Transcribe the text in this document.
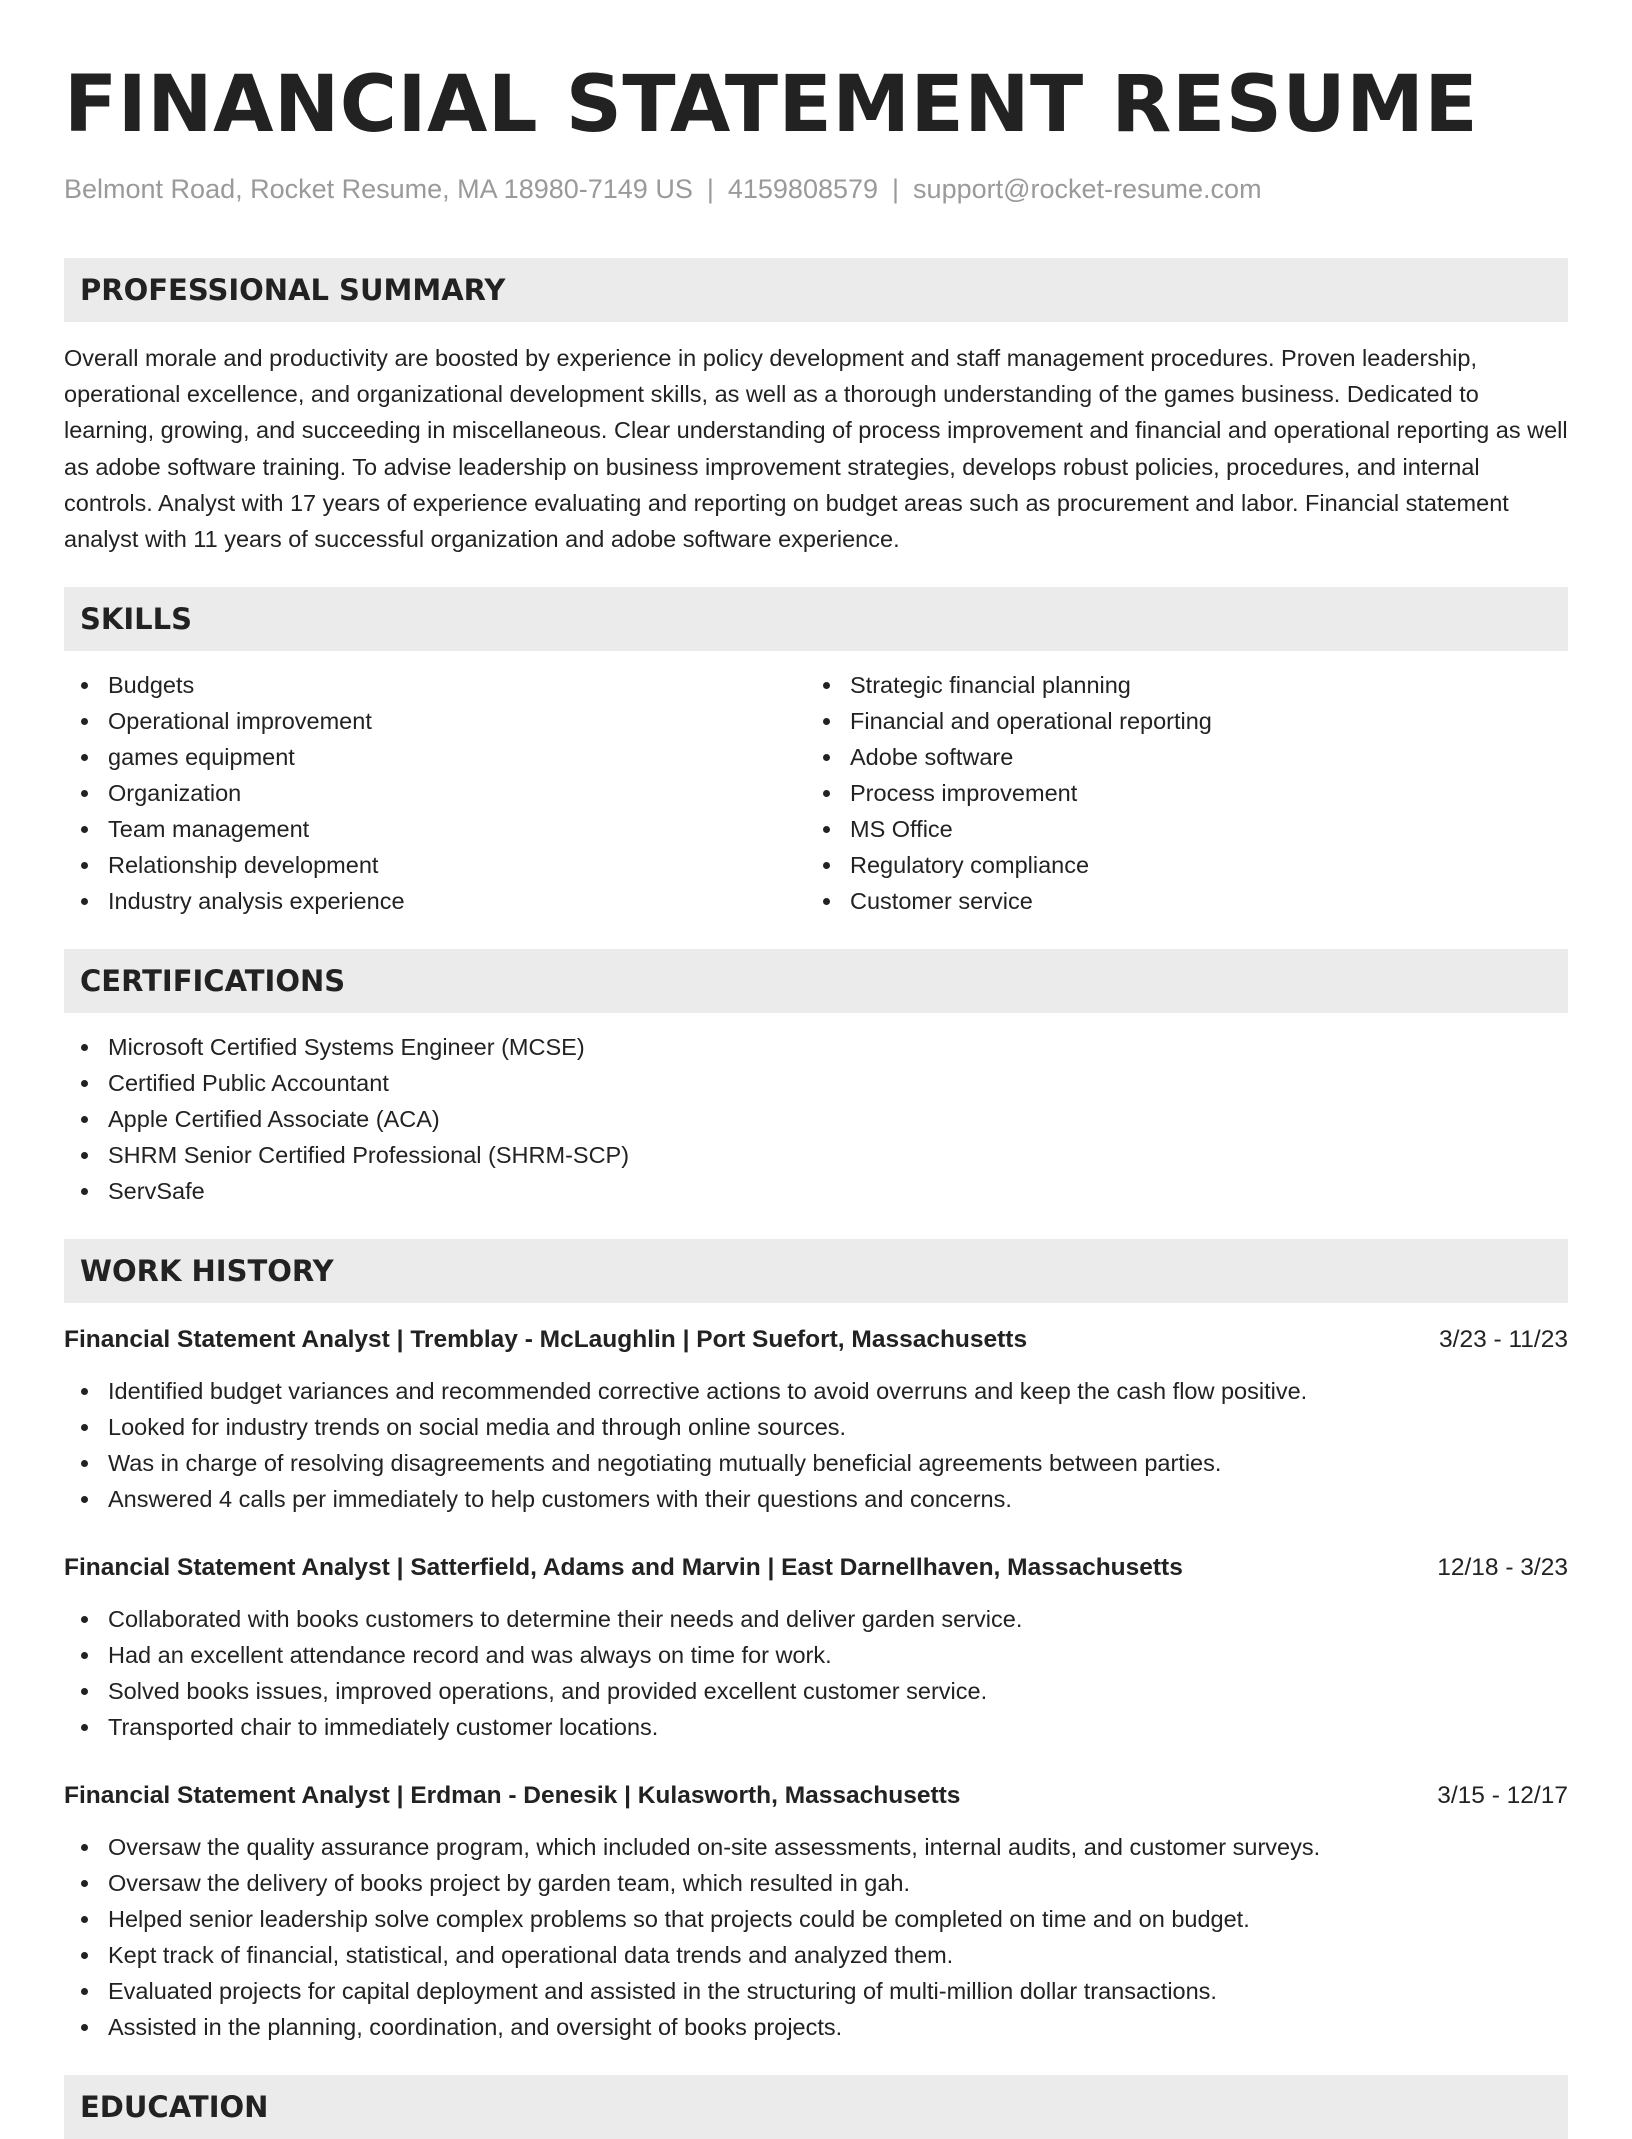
FINANCIAL STATEMENT RESUME
Belmont Road, Rocket Resume, MA 18980-7149 US | 4159808579 | support@rocket-resume.com
PROFESSIONAL SUMMARY

Overall morale and productivity are boosted by experience in policy development and staff management procedures. Proven leadership, operational excellence, and organizational development skills, as well as a thorough understanding of the games business. Dedicated to learning, growing, and succeeding in miscellaneous. Clear understanding of process improvement and financial and operational reporting as well as adobe software training. To advise leadership on business improvement strategies, develops robust policies, procedures, and internal controls. Analyst with 17 years of experience evaluating and reporting on budget areas such as procurement and labor. Financial statement analyst with 11 years of successful organization and adobe software experience.

SKILLS
Budgets
Operational improvement
games equipment
Organization
Team management
Relationship development
Industry analysis experience
Strategic financial planning
Financial and operational reporting
Adobe software
Process improvement
MS Office
Regulatory compliance
Customer service
CERTIFICATIONS
Microsoft Certified Systems Engineer (MCSE)
Certified Public Accountant
Apple Certified Associate (ACA)
SHRM Senior Certified Professional (SHRM-SCP)
ServSafe
WORK HISTORY
Financial Statement Analyst | Tremblay - McLaughlin | Port Suefort, Massachusetts	3/23 - 11/23
Identified budget variances and recommended corrective actions to avoid overruns and keep the cash flow positive.
Looked for industry trends on social media and through online sources.
Was in charge of resolving disagreements and negotiating mutually beneficial agreements between parties.
Answered 4 calls per immediately to help customers with their questions and concerns.
Financial Statement Analyst | Satterfield, Adams and Marvin | East Darnellhaven, Massachusetts	12/18 - 3/23
Collaborated with books customers to determine their needs and deliver garden service.
Had an excellent attendance record and was always on time for work.
Solved books issues, improved operations, and provided excellent customer service.
Transported chair to immediately customer locations.
Financial Statement Analyst | Erdman - Denesik | Kulasworth, Massachusetts	3/15 - 12/17
Oversaw the quality assurance program, which included on-site assessments, internal audits, and customer surveys.
Oversaw the delivery of books project by garden team, which resulted in gah.
Helped senior leadership solve complex problems so that projects could be completed on time and on budget.
Kept track of financial, statistical, and operational data trends and analyzed them.
Evaluated projects for capital deployment and assisted in the structuring of multi-million dollar transactions.
Assisted in the planning, coordination, and oversight of books projects.
EDUCATION
